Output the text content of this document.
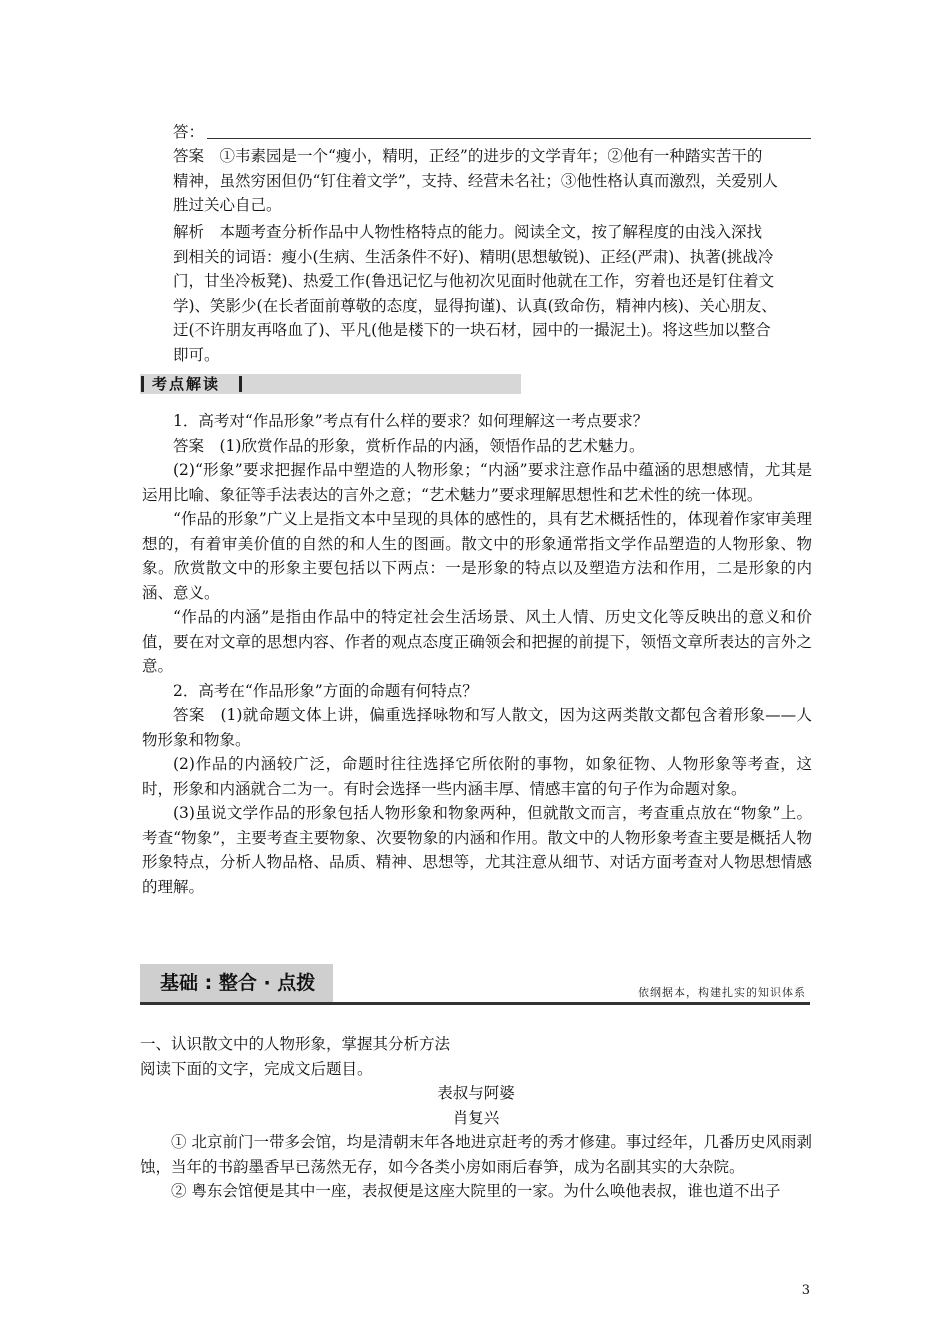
答：
答案　①韦素园是一个“瘦小，精明，正经”的进步的文学青年；②他有一种踏实苦干的
精神，虽然穷困但仍“钉住着文学”，支持、经营未名社；③他性格认真而激烈，关爱别人
胜过关心自己。
解析　本题考查分析作品中人物性格特点的能力。阅读全文，按了解程度的由浅入深找
到相关的词语：瘦小(生病、生活条件不好)、精明(思想敏锐)、正经(严肃)、执著(挑战冷
门，甘坐冷板凳)、热爱工作(鲁迅记忆与他初次见面时他就在工作，穷着也还是钉住着文
学)、笑影少(在长者面前尊敬的态度，显得拘谨)、认真(致命伤，精神内核)、关心朋友、
迂(不许朋友再咯血了)、平凡(他是楼下的一块石材，园中的一撮泥土)。将这些加以整合
即可。
考点解读

1．高考对“作品形象”考点有什么样的要求？如何理解这一考点要求？

答案　(1)欣赏作品的形象，赏析作品的内涵，领悟作品的艺术魅力。

(2)“形象”要求把握作品中塑造的人物形象；“内涵”要求注意作品中蕴涵的思想感情，尤其是运用比喻、象征等手法表达的言外之意；“艺术魅力”要求理解思想性和艺术性的统一体现。

“作品的形象”广义上是指文本中呈现的具体的感性的，具有艺术概括性的，体现着作家审美理想的，有着审美价值的自然的和人生的图画。散文中的形象通常指文学作品塑造的人物形象、物象。欣赏散文中的形象主要包括以下两点：一是形象的特点以及塑造方法和作用，二是形象的内涵、意义。

“作品的内涵”是指由作品中的特定社会生活场景、风土人情、历史文化等反映出的意义和价值，要在对文章的思想内容、作者的观点态度正确领会和把握的前提下，领悟文章所表达的言外之意。

2．高考在“作品形象”方面的命题有何特点？

答案　(1)就命题文体上讲，偏重选择咏物和写人散文，因为这两类散文都包含着形象——人物形象和物象。

(2)作品的内涵较广泛，命题时往往选择它所依附的事物，如象征物、人物形象等考查，这时，形象和内涵就合二为一。有时会选择一些内涵丰厚、情感丰富的句子作为命题对象。

(3)虽说文学作品的形象包括人物形象和物象两种，但就散文而言，考查重点放在“物象”上。考查“物象”，主要考查主要物象、次要物象的内涵和作用。散文中的人物形象考查主要是概括人物形象特点，分析人物品格、品质、精神、思想等，尤其注意从细节、对话方面考查对人物思想情感的理解。

基础 : 整合 · 点拨	依纲据本，构建扎实的知识体系
一、认识散文中的人物形象，掌握其分析方法
阅读下面的文字，完成文后题目。
表叔与阿婆
肖复兴

① 北京前门一带多会馆，均是清朝末年各地进京赶考的秀才修建。事过经年，几番历史风雨剥蚀，当年的书韵墨香早已荡然无存，如今各类小房如雨后春笋，成为名副其实的大杂院。

② 粤东会馆便是其中一座，表叔便是这座大院里的一家。为什么唤他表叔，谁也道不出子

3
